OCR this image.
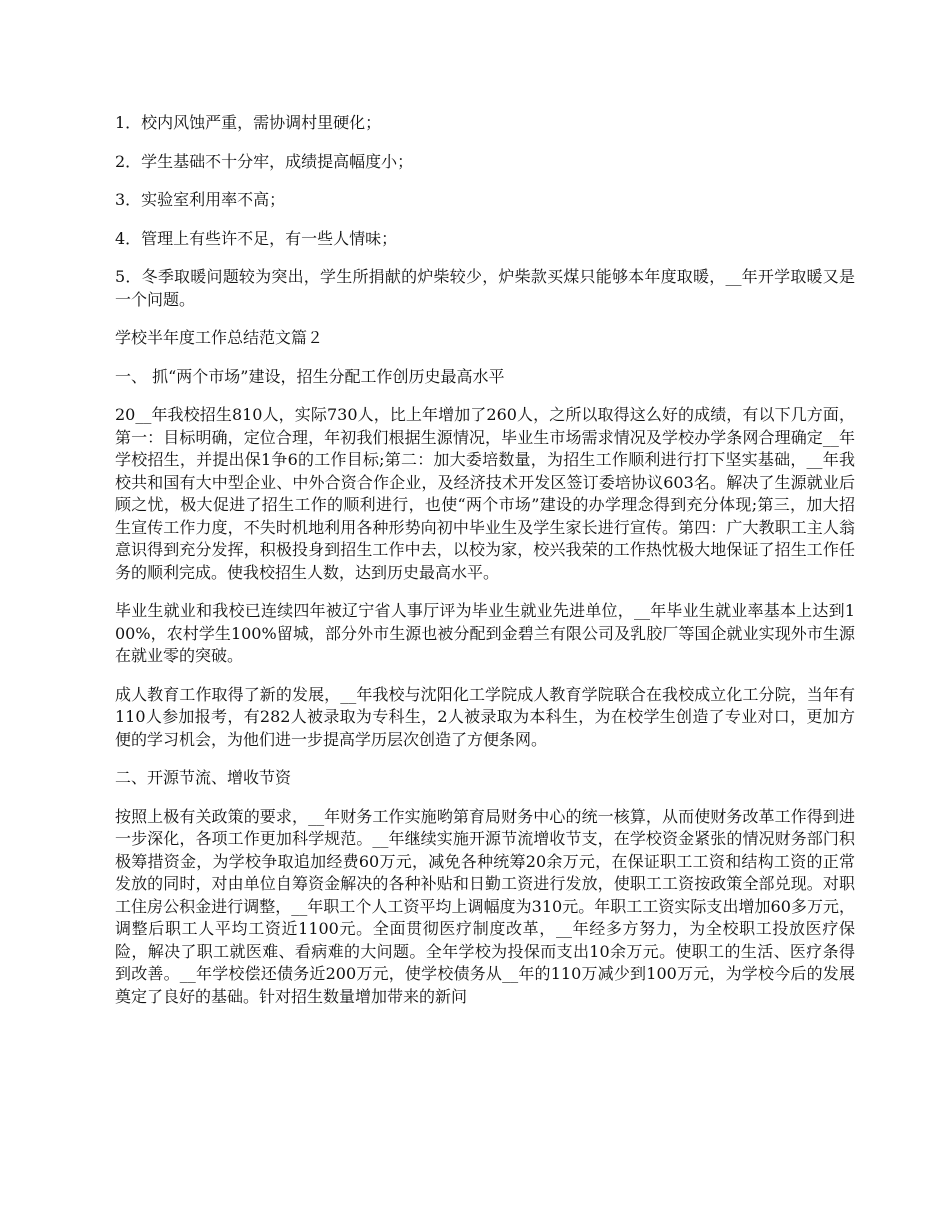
1．校内风蚀严重，需协调村里硬化；

2．学生基础不十分牢，成绩提高幅度小；

3．实验室利用率不高；

4．管理上有些许不足，有一些人情味；

5．冬季取暖问题较为突出，学生所捐献的炉柴较少，炉柴款买煤只能够本年度取暖，__年开学取暖又是一个问题。

学校半年度工作总结范文篇２

一、 抓“两个市场”建设，招生分配工作创历史最高水平

20__年我校招生810人，实际730人，比上年增加了260人，之所以取得这么好的成绩，有以下几方面，第一：目标明确，定位合理，年初我们根据生源情况，毕业生市场需求情况及学校办学条网合理确定__年学校招生，并提出保1争6的工作目标;第二：加大委培数量，为招生工作顺利进行打下坚实基础，__年我校共和国有大中型企业、中外合资合作企业，及经济技术开发区签订委培协议603名。解决了生源就业后顾之忧，极大促进了招生工作的顺利进行，也使“两个市场”建设的办学理念得到充分体现;第三，加大招生宣传工作力度，不失时机地利用各种形势向初中毕业生及学生家长进行宣传。第四：广大教职工主人翁意识得到充分发挥，积极投身到招生工作中去，以校为家，校兴我荣的工作热忱极大地保证了招生工作任务的顺利完成。使我校招生人数，达到历史最高水平。

毕业生就业和我校已连续四年被辽宁省人事厅评为毕业生就业先进单位，__年毕业生就业率基本上达到100%，农村学生100%留城，部分外市生源也被分配到金碧兰有限公司及乳胶厂等国企就业实现外市生源在就业零的突破。

成人教育工作取得了新的发展，__年我校与沈阳化工学院成人教育学院联合在我校成立化工分院，当年有110人参加报考，有282人被录取为专科生，2人被录取为本科生，为在校学生创造了专业对口，更加方便的学习机会，为他们进一步提高学历层次创造了方便条网。

二、开源节流、增收节资

按照上极有关政策的要求，__年财务工作实施哟第育局财务中心的统一核算，从而使财务改革工作得到进一步深化，各项工作更加科学规范。__年继续实施开源节流增收节支，在学校资金紧张的情况财务部门积极筹措资金，为学校争取追加经费60万元，减免各种统筹20余万元，在保证职工工资和结构工资的正常发放的同时，对由单位自筹资金解决的各种补贴和日勤工资进行发放，使职工工资按政策全部兑现。对职工住房公积金进行调整，__年职工个人工资平均上调幅度为310元。年职工工资实际支出增加60多万元，调整后职工人平均工资近1100元。全面贯彻医疗制度改革，__年经多方努力，为全校职工投放医疗保险，解决了职工就医难、看病难的大问题。全年学校为投保而支出10余万元。使职工的生活、医疗条得到改善。__年学校偿还债务近200万元，使学校债务从__年的110万减少到100万元，为学校今后的发展奠定了良好的基础。针对招生数量增加带来的新问
